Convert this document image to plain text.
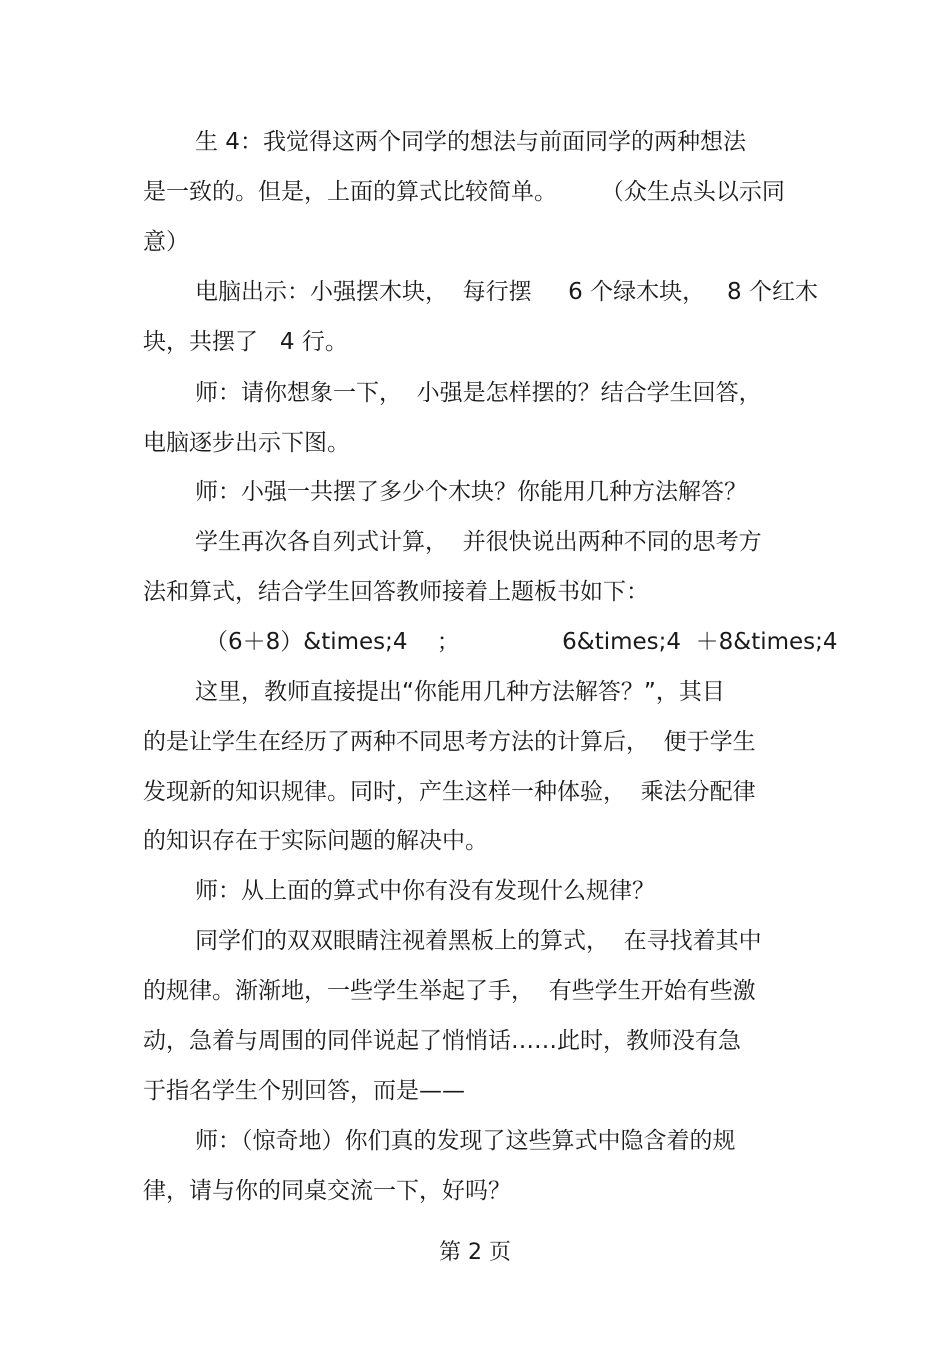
生 4：我觉得这两个同学的想法与前面同学的两种想法
是一致的。但是，上面的算式比较简单。      （众生点头以示同
意）
电脑出示：小强摆木块，  每行摆     6 个绿木块，   8 个红木
块，共摆了   4 行。
师：请你想象一下，  小强是怎样摆的？结合学生回答，
电脑逐步出示下图。
师：小强一共摆了多少个木块？你能用几种方法解答？
学生再次各自列式计算，  并很快说出两种不同的思考方
法和算式，结合学生回答教师接着上题板书如下：
（6＋8）&times;4    ；              6&times;4  ＋8&times;4
这里，教师直接提出“你能用几种方法解答？”，其目
的是让学生在经历了两种不同思考方法的计算后，  便于学生
发现新的知识规律。同时，产生这样一种体验，  乘法分配律
的知识存在于实际问题的解决中。
师：从上面的算式中你有没有发现什么规律？
同学们的双双眼睛注视着黑板上的算式，  在寻找着其中
的规律。渐渐地，一些学生举起了手，  有些学生开始有些激
动，急着与周围的同伴说起了悄悄话……此时，教师没有急
于指名学生个别回答，而是——
师：（惊奇地）你们真的发现了这些算式中隐含着的规
律，请与你的同桌交流一下，好吗？
第 2 页
